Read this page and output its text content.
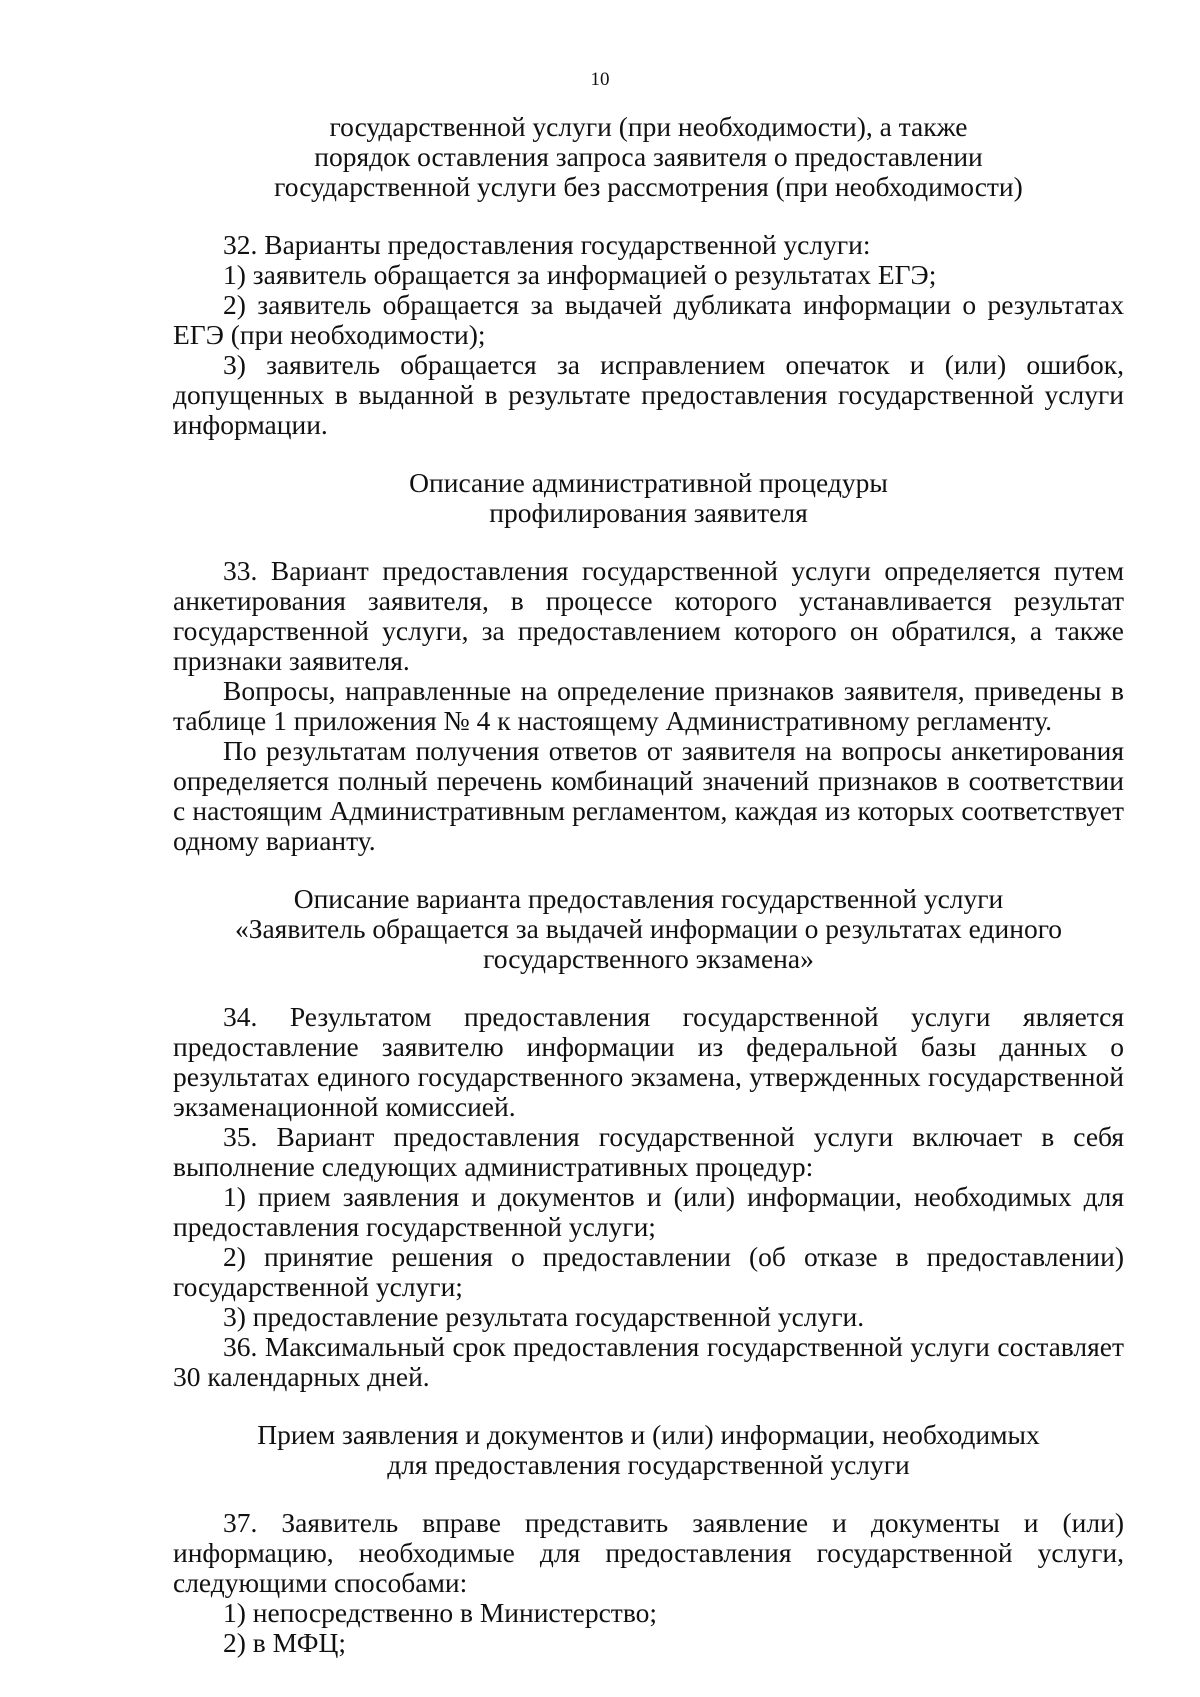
10
государственной услуги (при необходимости), а также
порядок оставления запроса заявителя о предоставлении
государственной услуги без рассмотрения (при необходимости)

32. Варианты предоставления государственной услуги:

1) заявитель обращается за информацией о результатах ЕГЭ;

2) заявитель обращается за выдачей дубликата информации о результатах ЕГЭ (при необходимости);

3) заявитель обращается за исправлением опечаток и (или) ошибок, допущенных в выданной в результате предоставления государственной услуги информации.

Описание административной процедуры
профилирования заявителя

33. Вариант предоставления государственной услуги определяется путем анкетирования заявителя, в процессе которого устанавливается результат государственной услуги, за предоставлением которого он обратился, а также признаки заявителя.

Вопросы, направленные на определение признаков заявителя, приведены в таблице 1 приложения № 4 к настоящему Административному регламенту.

По результатам получения ответов от заявителя на вопросы анкетирования определяется полный перечень комбинаций значений признаков в соответствии с настоящим Административным регламентом, каждая из которых соответствует одному варианту.

Описание варианта предоставления государственной услуги
«Заявитель обращается за выдачей информации о результатах единого
государственного экзамена»

34. Результатом предоставления государственной услуги является предоставление заявителю информации из федеральной базы данных о результатах единого государственного экзамена, утвержденных государственной экзаменационной комиссией.

35. Вариант предоставления государственной услуги включает в себя выполнение следующих административных процедур:

1) прием заявления и документов и (или) информации, необходимых для предоставления государственной услуги;

2) принятие решения о предоставлении (об отказе в предоставлении) государственной услуги;

3) предоставление результата государственной услуги.

36. Максимальный срок предоставления государственной услуги составляет 30 календарных дней.

Прием заявления и документов и (или) информации, необходимых
для предоставления государственной услуги

37. Заявитель вправе представить заявление и документы и (или) информацию, необходимые для предоставления государственной услуги, следующими способами:

1) непосредственно в Министерство;

2) в МФЦ;
